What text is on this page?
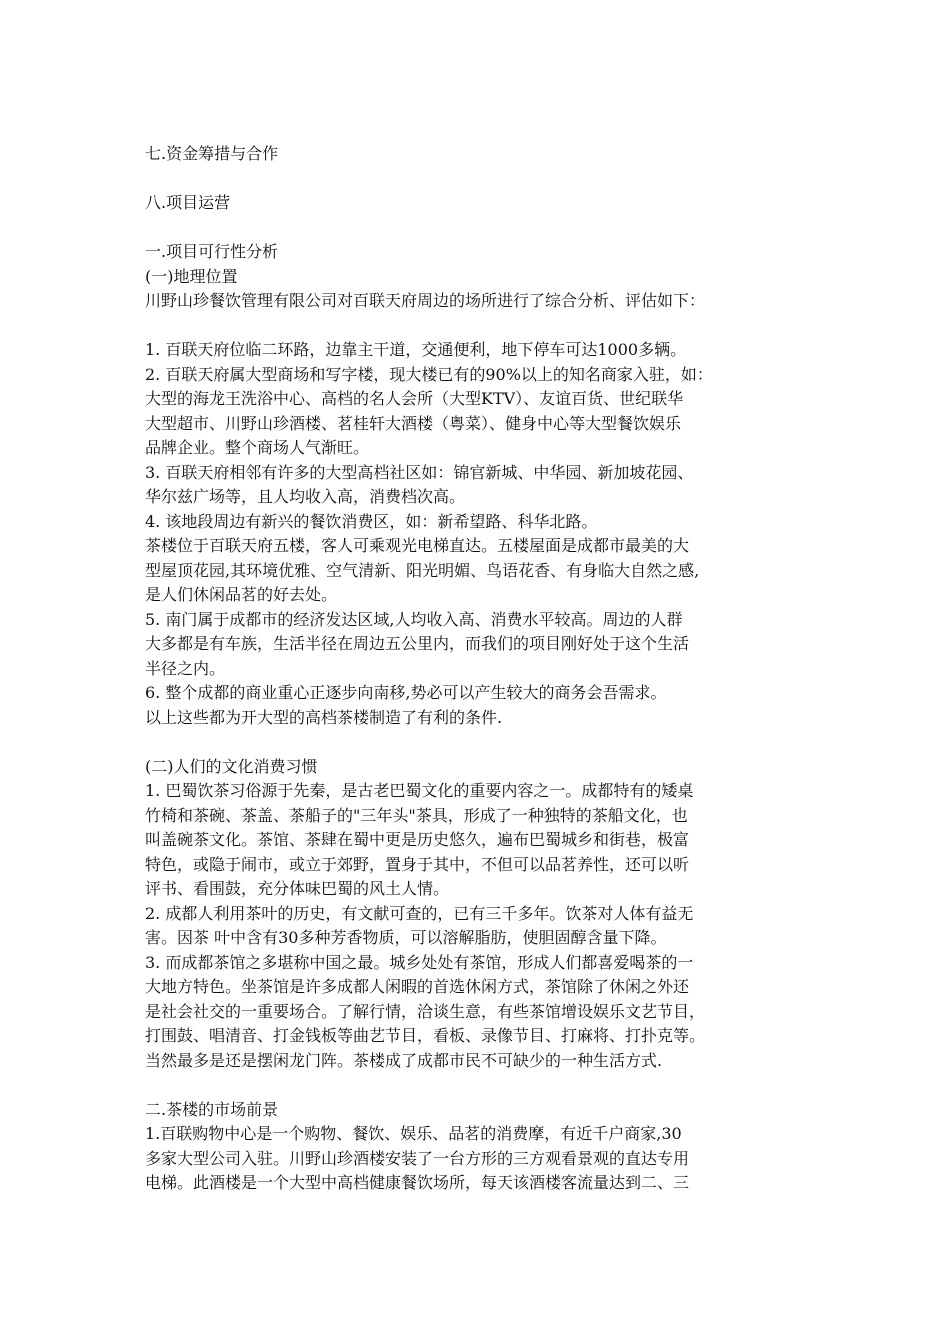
七.资金筹措与合作
八.项目运营
一.项目可行性分析
(一)地理位置
川野山珍餐饮管理有限公司对百联天府周边的场所进行了综合分析、评估如下：
1. 百联天府位临二环路，边靠主干道，交通便利，地下停车可达1000多辆。
2. 百联天府属大型商场和写字楼，现大楼已有的90%以上的知名商家入驻，如：
大型的海龙王洗浴中心、高档的名人会所（大型KTV）、友谊百货、世纪联华
大型超市、川野山珍酒楼、茗桂轩大酒楼（粤菜）、健身中心等大型餐饮娱乐
品牌企业。整个商场人气渐旺。
3. 百联天府相邻有许多的大型高档社区如：锦官新城、中华园、新加坡花园、
华尔兹广场等，且人均收入高，消费档次高。
4. 该地段周边有新兴的餐饮消费区，如：新希望路、科华北路。
茶楼位于百联天府五楼，客人可乘观光电梯直达。五楼屋面是成都市最美的大
型屋顶花园,其环境优雅、空气清新、阳光明媚、鸟语花香、有身临大自然之感,
是人们休闲品茗的好去处。
5. 南门属于成都市的经济发达区域,人均收入高、消费水平较高。周边的人群
大多都是有车族，生活半径在周边五公里内，而我们的项目刚好处于这个生活
半径之内。
6. 整个成都的商业重心正逐步向南移,势必可以产生较大的商务会吾需求。
以上这些都为开大型的高档茶楼制造了有利的条件.
(二)人们的文化消费习惯
1. 巴蜀饮茶习俗源于先秦，是古老巴蜀文化的重要内容之一。成都特有的矮桌
竹椅和茶碗、茶盖、茶船子的"三年头"茶具，形成了一种独特的茶船文化，也
叫盖碗茶文化。茶馆、茶肆在蜀中更是历史悠久，遍布巴蜀城乡和街巷，极富
特色，或隐于闹市，或立于郊野，置身于其中，不但可以品茗养性，还可以听
评书、看围鼓，充分体味巴蜀的风土人情。
2. 成都人利用茶叶的历史，有文献可查的，已有三千多年。饮茶对人体有益无
害。因茶 叶中含有30多种芳香物质，可以溶解脂肪，使胆固醇含量下降。
3. 而成都茶馆之多堪称中国之最。城乡处处有茶馆，形成人们都喜爱喝茶的一
大地方特色。坐茶馆是许多成都人闲暇的首选休闲方式，茶馆除了休闲之外还
是社会社交的一重要场合。了解行情，洽谈生意，有些茶馆增设娱乐文艺节目，
打围鼓、唱清音、打金钱板等曲艺节目，看板、录像节目、打麻将、打扑克等。
当然最多是还是摆闲龙门阵。茶楼成了成都市民不可缺少的一种生活方式.
二.茶楼的市场前景
1.百联购物中心是一个购物、餐饮、娱乐、品茗的消费摩，有近千户商家,30
多家大型公司入驻。川野山珍酒楼安装了一台方形的三方观看景观的直达专用
电梯。此酒楼是一个大型中高档健康餐饮场所，每天该酒楼客流量达到二、三
